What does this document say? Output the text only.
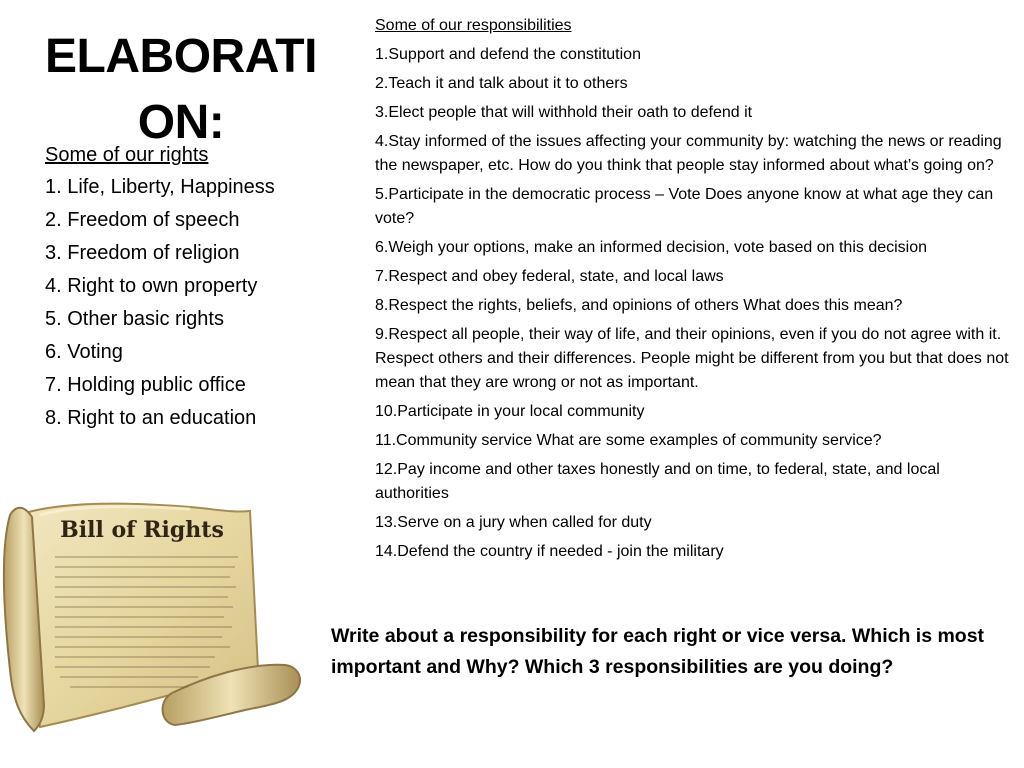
ELABORATI ON:
Some of our rights
1. Life, Liberty, Happiness
2. Freedom of speech
3. Freedom of religion
4. Right to own property
5. Other basic rights
6. Voting
7. Holding public office
8. Right to an education
Some of our responsibilities
1.Support and defend the constitution
2.Teach it and talk about it to others
3.Elect people that will withhold their oath to defend it
4.Stay informed of the issues affecting your community by: watching the news or reading the newspaper, etc. How do you think that people stay informed about what’s going on?
5.Participate in the democratic process – Vote Does anyone know at what age they can vote?
6.Weigh your options, make an informed decision, vote based on this decision
7.Respect and obey federal, state, and local laws
8.Respect the rights, beliefs, and opinions of others What does this mean?
9.Respect all people, their way of life, and their opinions, even if you do not agree with it. Respect others and their differences. People might be different from you but that does not mean that they are wrong or not as important.
10.Participate in your local community
11.Community service What are some examples of community service?
12.Pay income and other taxes honestly and on time, to federal, state, and local authorities
13.Serve on a jury when called for duty
14.Defend the country if needed - join the military
Write about a responsibility for each right or vice versa. Which is most important and Why? Which 3 responsibilities are you doing?
Bill of Rights
